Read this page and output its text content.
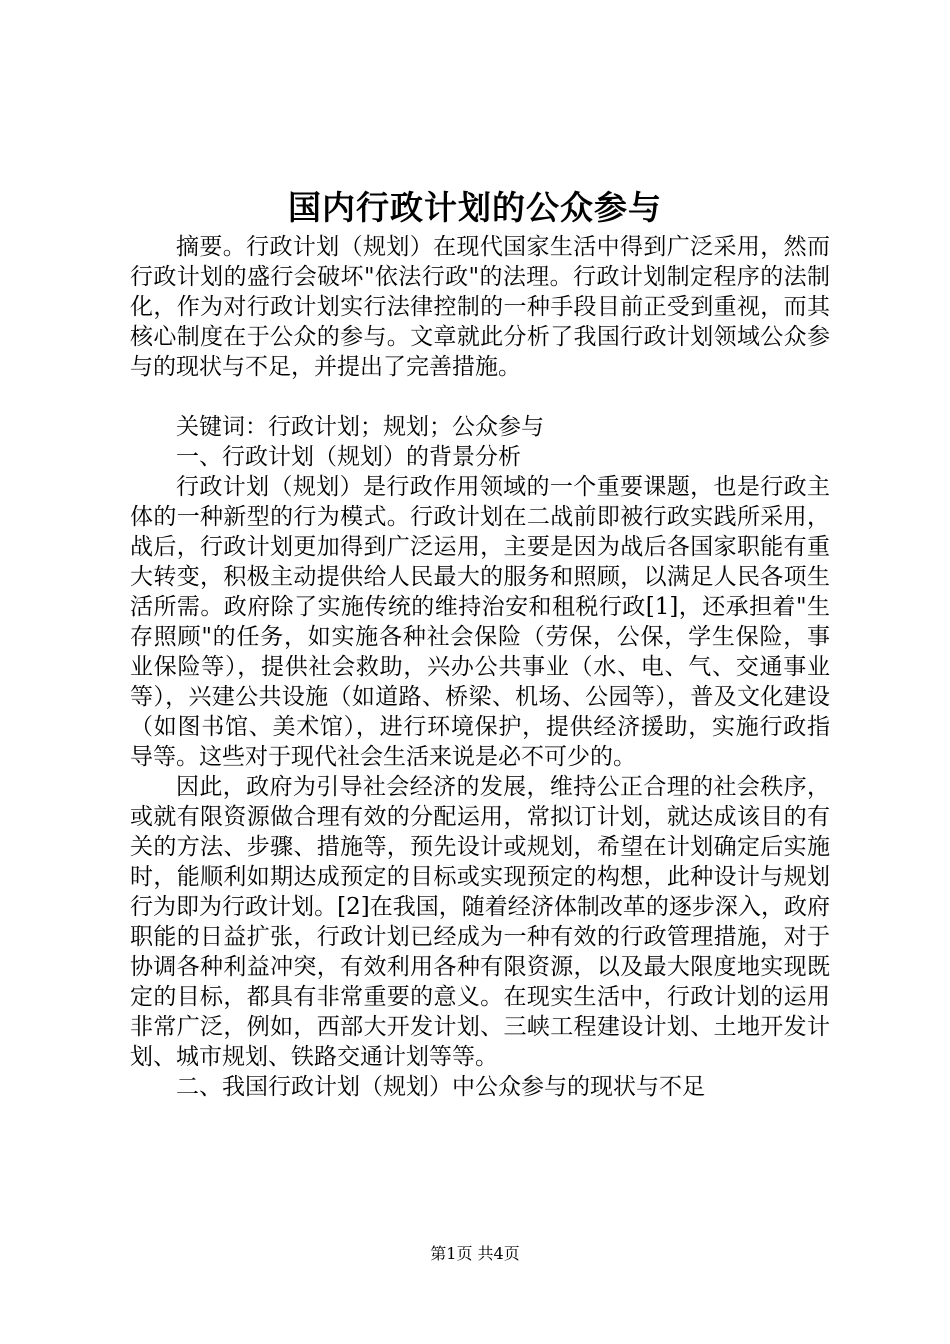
国内行政计划的公众参与

摘要。行政计划（规划）在现代国家生活中得到广泛采用，然而行政计划的盛行会破坏"依法行政"的法理。行政计划制定程序的法制化，作为对行政计划实行法律控制的一种手段目前正受到重视，而其核心制度在于公众的参与。文章就此分析了我国行政计划领域公众参与的现状与不足，并提出了完善措施。

关键词：行政计划；规划；公众参与

一、行政计划（规划）的背景分析

行政计划（规划）是行政作用领域的一个重要课题，也是行政主体的一种新型的行为模式。行政计划在二战前即被行政实践所采用，战后，行政计划更加得到广泛运用，主要是因为战后各国家职能有重大转变，积极主动提供给人民最大的服务和照顾，以满足人民各项生活所需。政府除了实施传统的维持治安和租税行政[1]，还承担着"生存照顾"的任务，如实施各种社会保险（劳保，公保，学生保险，事业保险等），提供社会救助，兴办公共事业（水、电、气、交通事业等），兴建公共设施（如道路、桥梁、机场、公园等），普及文化建设（如图书馆、美术馆），进行环境保护，提供经济援助，实施行政指导等。这些对于现代社会生活来说是必不可少的。

因此，政府为引导社会经济的发展，维持公正合理的社会秩序，或就有限资源做合理有效的分配运用，常拟订计划，就达成该目的有关的方法、步骤、措施等，预先设计或规划，希望在计划确定后实施时，能顺利如期达成预定的目标或实现预定的构想，此种设计与规划行为即为行政计划。[2]在我国，随着经济体制改革的逐步深入，政府职能的日益扩张，行政计划已经成为一种有效的行政管理措施，对于协调各种利益冲突，有效利用各种有限资源，以及最大限度地实现既定的目标，都具有非常重要的意义。在现实生活中，行政计划的运用非常广泛，例如，西部大开发计划、三峡工程建设计划、土地开发计划、城市规划、铁路交通计划等等。

二、我国行政计划（规划）中公众参与的现状与不足

第1页 共4页
